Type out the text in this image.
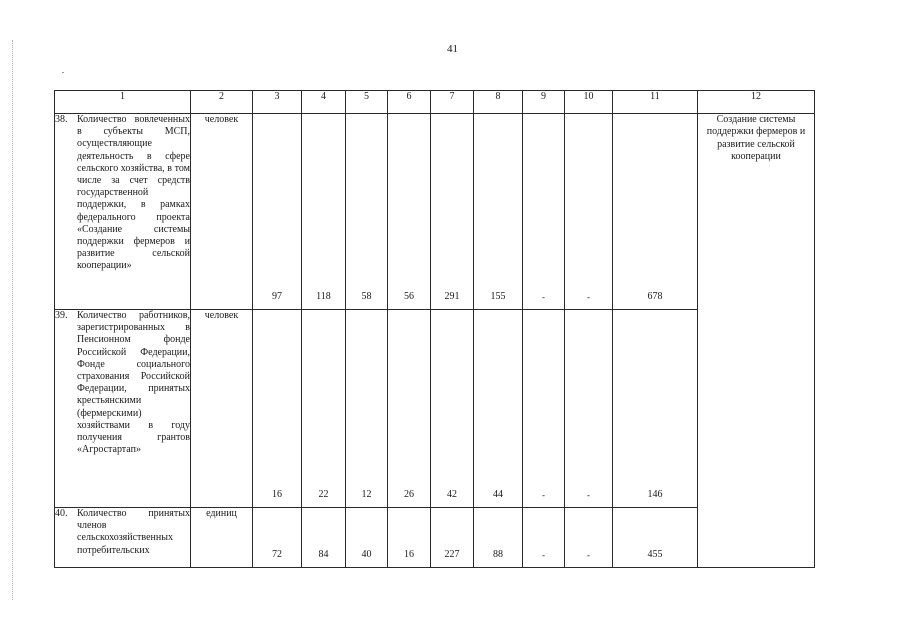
41
1	2	3	4	5	6	7	8	9	10	11	12

38. Количество вовлеченных в субъекты МСП, осуществляющие деятельность в сфере сельского хозяйства, в том числе за счет средств государственной поддержки, в рамках федерального проекта «Создание системы поддержки фермеров и развитие сельской кооперации»	человек	97	118	58	56	291	155	-	-	678	Создание системы поддержки фермеров и развитие сельской кооперации

39. Количество работников, зарегистрированных в Пенсионном фонде Российской Федерации, Фонде социального страхования Российской Федерации, принятых крестьянскими (фермерскими) хозяйствами в году получения грантов «Агростартап»	человек	16	22	12	26	42	44	-	-	146	

40. Количество принятых членов сельскохозяйственных потребительских	единиц	72	84	40	16	227	88	-	-	455	
